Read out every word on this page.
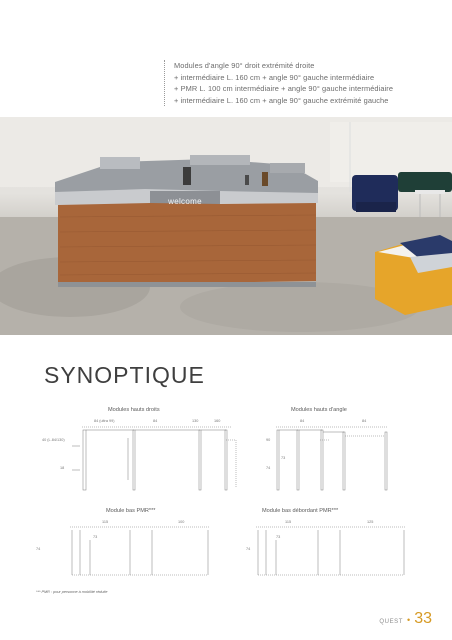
Modules d'angle 90° droit extrémité droite
+ intermédiaire L. 160 cm + angle 90° gauche intermédiaire
+ PMR L. 100 cm intermédiaire + angle 90° gauche intermédiaire
+ intermédiaire L. 160 cm + angle 90° gauche extrémité gauche
welcome
SYNOPTIQUE
Modules hauts droits	Modules hauts d'angle
Module bas PMR***	Module bas débordant PMR***
84 (ultra 99)	84	130	160
40 (L.84/130)
18
84	84
90
73
74
115	100
73
74
115	125
73
74
*** PMR : pour personne à mobilité réduite
QUEST • 33
